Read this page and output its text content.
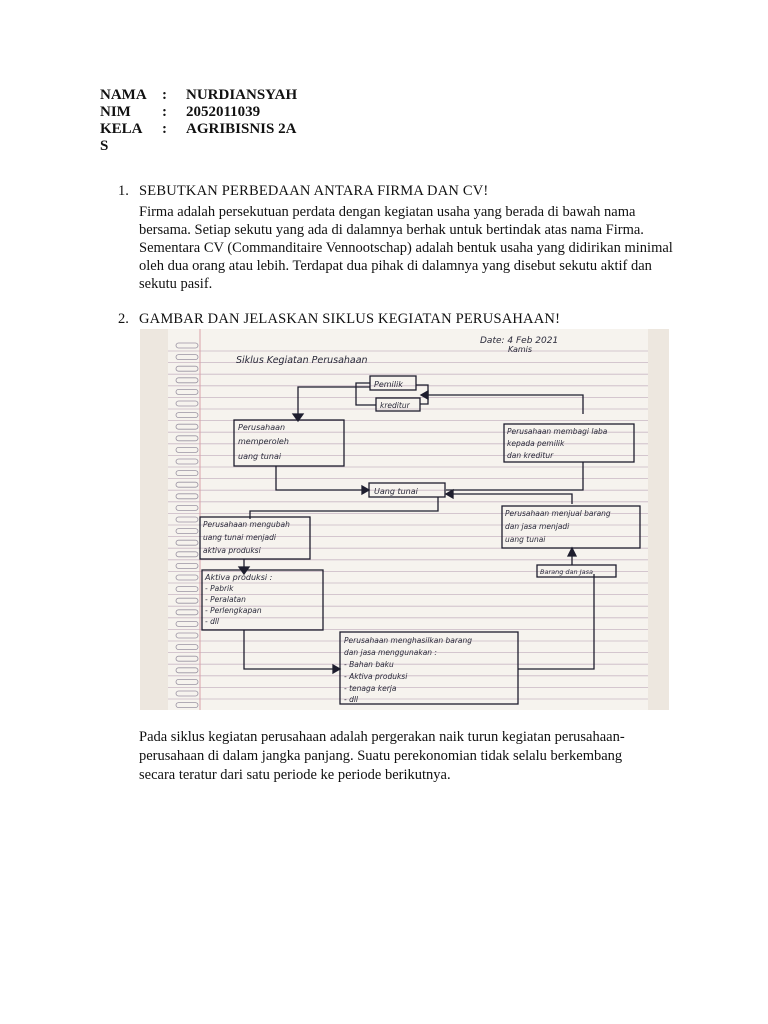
NAMA	:	NURDIANSYAH
NIM	:	2052011039
KELA	:	AGRIBISNIS 2A
S
1. SEBUTKAN PERBEDAAN ANTARA FIRMA DAN CV!
Firma adalah persekutuan perdata dengan kegiatan usaha yang berada di bawah nama bersama. Setiap sekutu yang ada di dalamnya berhak untuk bertindak atas nama Firma. Sementara CV (Commanditaire Vennootschap) adalah bentuk usaha yang didirikan minimal oleh dua orang atau lebih. Terdapat dua pihak di dalamnya yang disebut sekutu aktif dan sekutu pasif.
2. GAMBAR DAN JELASKAN SIKLUS KEGIATAN PERUSAHAAN!
Date: 4 Feb 2021
Kamis
Siklus Kegiatan Perusahaan
Pemilik
kreditur
Perusahaan
memperoleh
uang tunai
Perusahaan membagi laba
kepada pemilik
dan kreditur
Uang tunai
Perusahaan mengubah
uang tunai menjadi
aktiva produksi
Perusahaan menjual barang
dan jasa menjadi
uang tunai
Aktiva produksi :
- Pabrik
- Peralatan
- Perlengkapan
- dll
Barang dan Jasa
Perusahaan menghasilkan barang
dan jasa menggunakan :
- Bahan baku
- Aktiva produksi
- tenaga kerja
- dll
Pada siklus kegiatan perusahaan adalah pergerakan naik turun kegiatan perusahaan-perusahaan di dalam jangka panjang. Suatu perekonomian tidak selalu berkembang secara teratur dari satu periode ke periode berikutnya.
